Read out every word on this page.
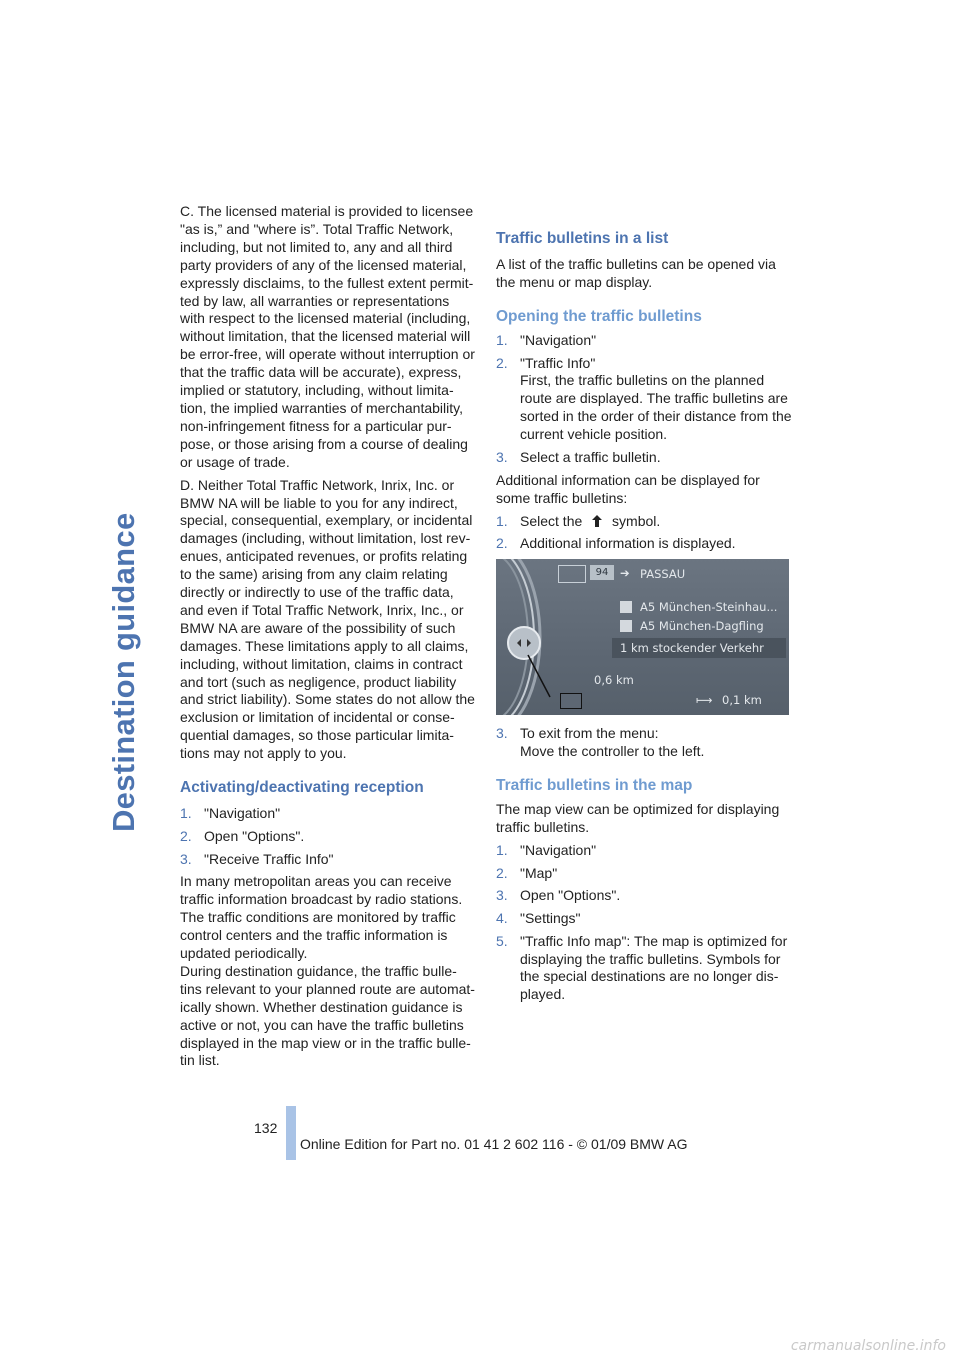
Destination guidance

C. The licensed material is provided to licensee "as is,” and "where is”. Total Traffic Network, including, but not limited to, any and all third party providers of any of the licensed material, expressly disclaims, to the fullest extent permit-ted by law, all warranties or representations with respect to the licensed material (including, without limitation, that the licensed material will be error-free, will operate without interruption or that the traffic data will be accurate), express, implied or statutory, including, without limita-tion, the implied warranties of merchantability, non-infringement fitness for a particular pur-pose, or those arising from a course of dealing or usage of trade.

D. Neither Total Traffic Network, Inrix, Inc. or BMW NA will be liable to you for any indirect, special, consequential, exemplary, or incidental damages (including, without limitation, lost rev-enues, anticipated revenues, or profits relating to the same) arising from any claim relating directly or indirectly to use of the traffic data, and even if Total Traffic Network, Inrix, Inc., or BMW NA are aware of the possibility of such damages. These limitations apply to all claims, including, without limitation, claims in contract and tort (such as negligence, product liability and strict liability). Some states do not allow the exclusion or limitation of incidental or conse-quential damages, so those particular limita-tions may not apply to you.

Activating/deactivating reception
1. "Navigation"
2. Open "Options".
3. "Receive Traffic Info"

In many metropolitan areas you can receive traffic information broadcast by radio stations. The traffic conditions are monitored by traffic control centers and the traffic information is updated periodically.

During destination guidance, the traffic bulle-tins relevant to your planned route are automat-ically shown. Whether destination guidance is active or not, you can have the traffic bulletins displayed in the map view or in the traffic bulle-tin list.

Traffic bulletins in a list

A list of the traffic bulletins can be opened via the menu or map display.

Opening the traffic bulletins
1. "Navigation"
2. "Traffic Info"
First, the traffic bulletins on the planned route are displayed. The traffic bulletins are sorted in the order of their distance from the current vehicle position.
3. Select a traffic bulletin.

Additional information can be displayed for some traffic bulletins:

1. Select the symbol.
2. Additional information is displayed.
94	➔ PASSAU
A5 München-Steinhau...
A5 München-Dagfling
1 km stockender Verkehr
0,6 km
⟼ 0,1 km
3. To exit from the menu:
Move the controller to the left.
Traffic bulletins in the map

The map view can be optimized for displaying traffic bulletins.

1. "Navigation"
2. "Map"
3. Open "Options".
4. "Settings"
5. "Traffic Info map": The map is optimized for displaying the traffic bulletins. Symbols for the special destinations are no longer dis-played.
132
Online Edition for Part no. 01 41 2 602 116 - © 01/09 BMW AG
carmanualsonline.info
